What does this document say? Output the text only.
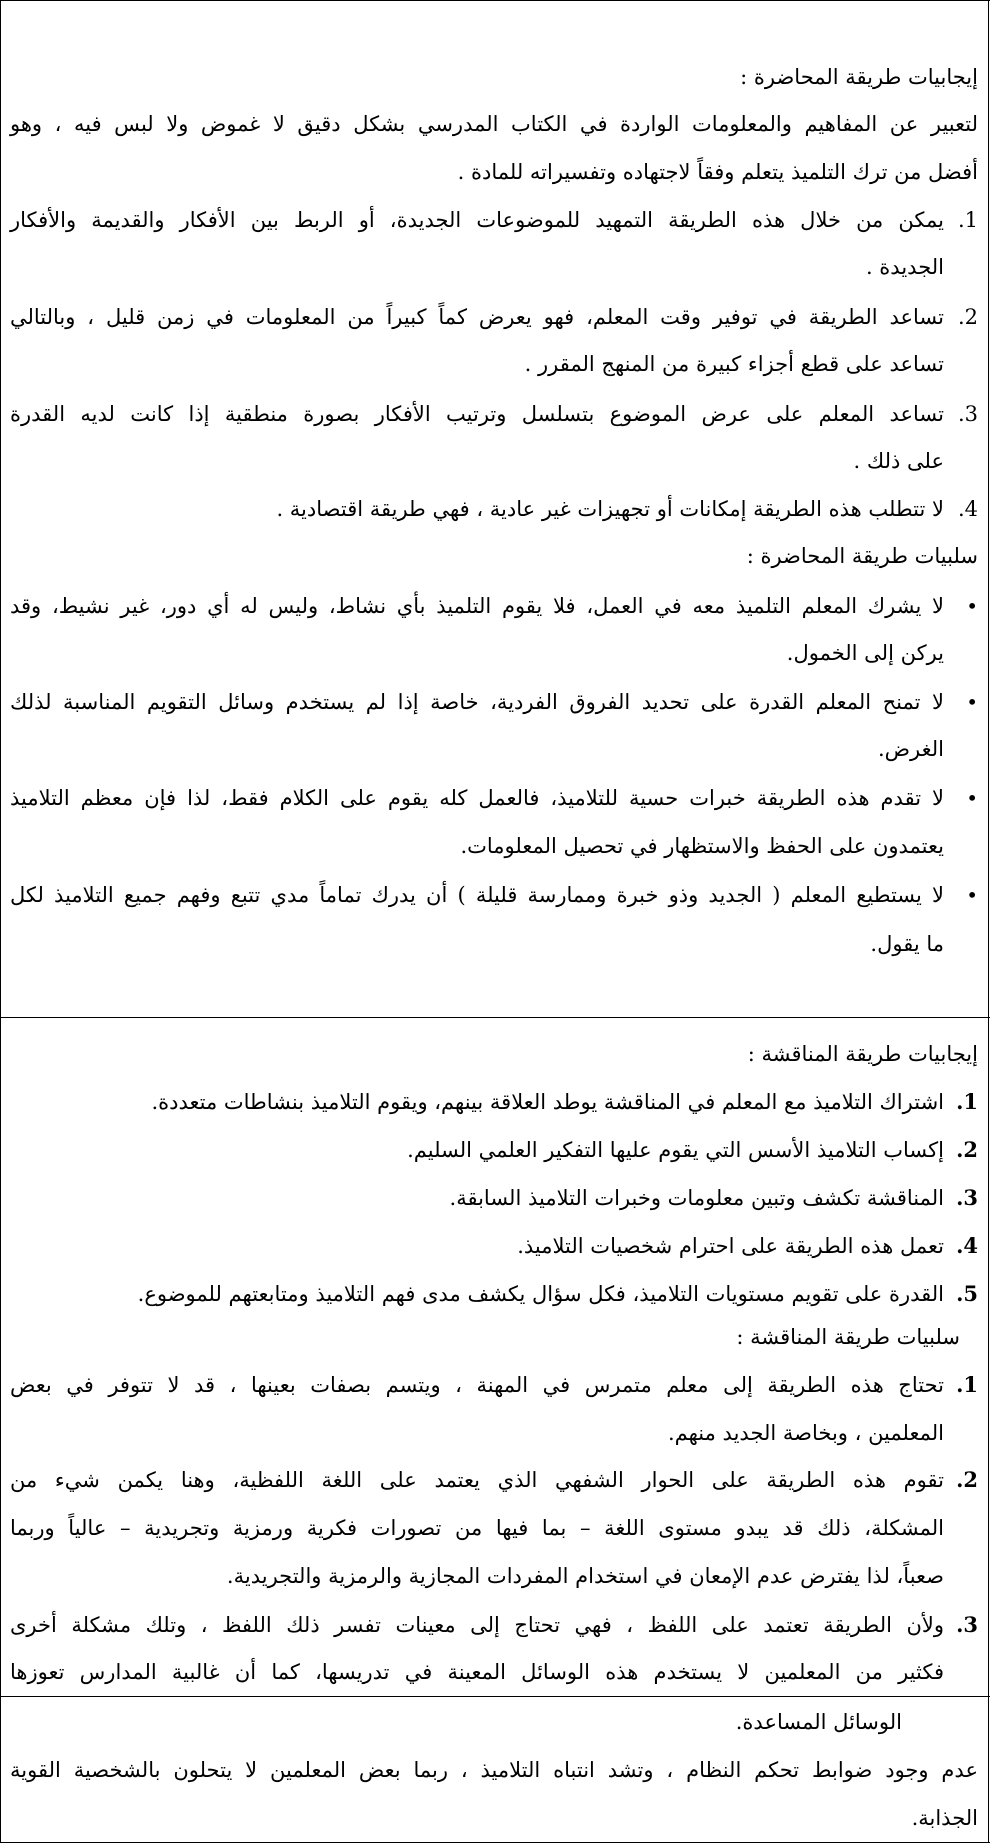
إيجابيات طريقة المحاضرة :
لتعبير عن المفاهيم والمعلومات الواردة في الكتاب المدرسي بشكل دقيق لا غموض ولا لبس فيه ، وهو
أفضل من ترك التلميذ يتعلم وفقاً لاجتهاده وتفسيراته للمادة .
1.
يمكن من خلال هذه الطريقة التمهيد للموضوعات الجديدة، أو الربط بين الأفكار والقديمة والأفكار
الجديدة .
2.
تساعد الطريقة في توفير وقت المعلم، فهو يعرض كماً كبيراً من المعلومات في زمن قليل ، وبالتالي
تساعد على قطع أجزاء كبيرة من المنهج المقرر .
3.
تساعد المعلم على عرض الموضوع بتسلسل وترتيب الأفكار بصورة منطقية إذا كانت لديه القدرة
على ذلك .
4.
لا تتطلب هذه الطريقة إمكانات أو تجهيزات غير عادية ، فهي طريقة اقتصادية .
سلبيات طريقة المحاضرة :
•
لا يشرك المعلم التلميذ معه في العمل، فلا يقوم التلميذ بأي نشاط، وليس له أي دور، غير نشيط، وقد
يركن إلى الخمول.
•
لا تمنح المعلم القدرة على تحديد الفروق الفردية، خاصة إذا لم يستخدم وسائل التقويم المناسبة لذلك
الغرض.
•
لا تقدم هذه الطريقة خبرات حسية للتلاميذ، فالعمل كله يقوم على الكلام فقط، لذا فإن معظم التلاميذ
يعتمدون على الحفظ والاستظهار في تحصيل المعلومات.
•
لا يستطيع المعلم ( الجديد وذو خبرة وممارسة قليلة ) أن يدرك تماماً مدي تتبع وفهم جميع التلاميذ لكل
ما يقول.
إيجابيات طريقة المناقشة :
1.
اشتراك التلاميذ مع المعلم في المناقشة يوطد العلاقة بينهم، ويقوم التلاميذ بنشاطات متعددة.
2.
إكساب التلاميذ الأسس التي يقوم عليها التفكير العلمي السليم.
3.
المناقشة تكشف وتبين معلومات وخبرات التلاميذ السابقة.
4.
تعمل هذه الطريقة على احترام شخصيات التلاميذ.
5.
القدرة على تقويم مستويات التلاميذ، فكل سؤال يكشف مدى فهم التلاميذ ومتابعتهم للموضوع.
سلبيات طريقة المناقشة :
1.
تحتاج هذه الطريقة إلى معلم متمرس في المهنة ، ويتسم بصفات بعينها ، قد لا تتوفر في بعض
المعلمين ، وبخاصة الجديد منهم.
2.
تقوم هذه الطريقة على الحوار الشفهي الذي يعتمد على اللغة اللفظية، وهنا يكمن شيء من
المشكلة، ذلك قد يبدو مستوى اللغة – بما فيها من تصورات فكرية ورمزية وتجريدية – عالياً وربما
صعباً، لذا يفترض عدم الإمعان في استخدام المفردات المجازية والرمزية والتجريدية.
3.
ولأن الطريقة تعتمد على اللفظ ، فهي تحتاج إلى معينات تفسر ذلك اللفظ ، وتلك مشكلة أخرى
فكثير من المعلمين لا يستخدم هذه الوسائل المعينة في تدريسها، كما أن غالبية المدارس تعوزها
الوسائل المساعدة.
عدم وجود ضوابط تحكم النظام ، وتشد انتباه التلاميذ ، ربما بعض المعلمين لا يتحلون بالشخصية القوية
الجذابة.
